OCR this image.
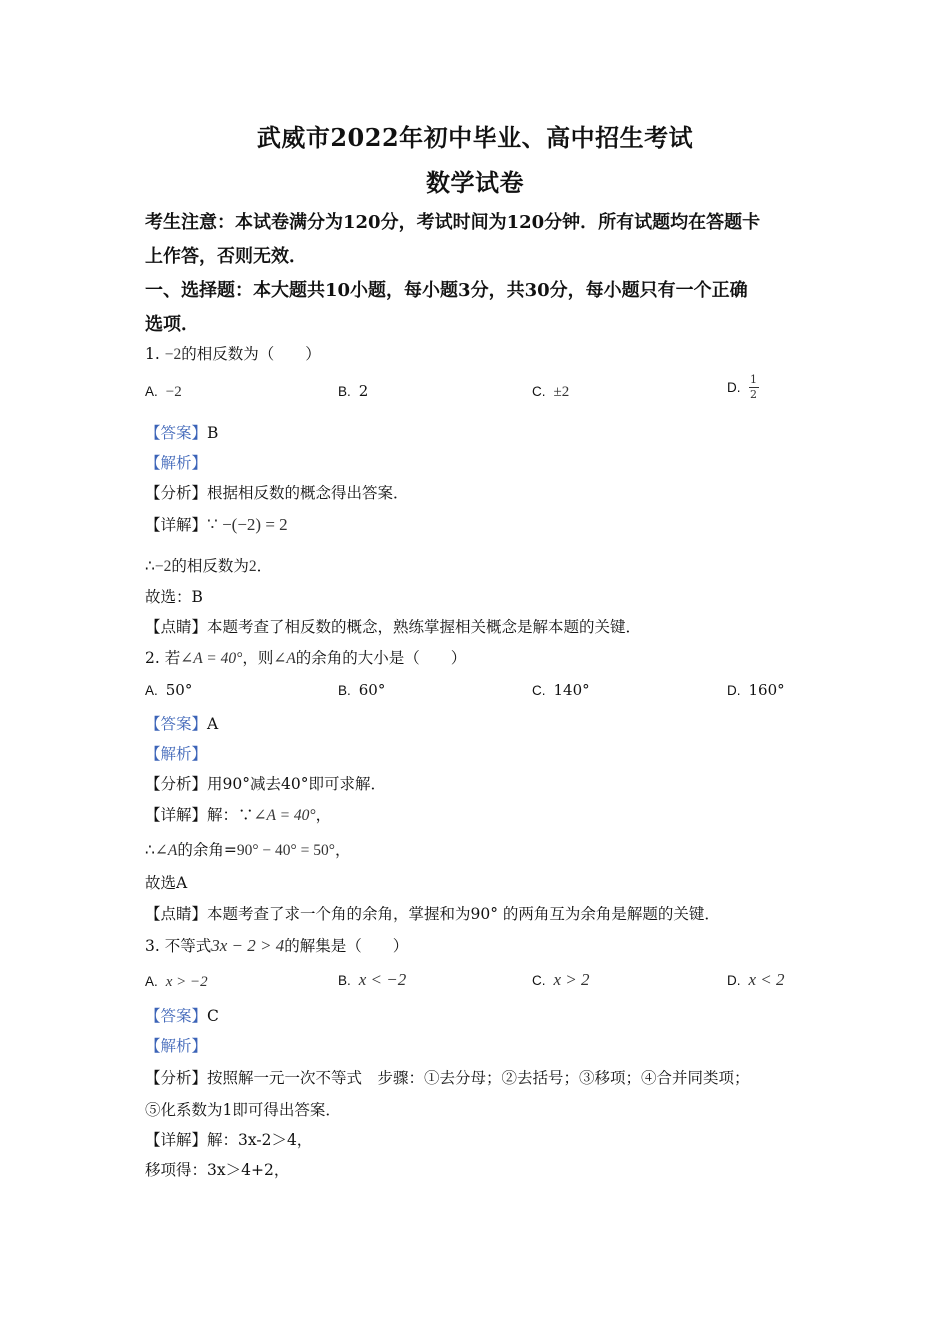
武威市2022年初中毕业、高中招生考试
数学试卷
考生注意：本试卷满分为120分，考试时间为120分钟．所有试题均在答题卡
上作答，否则无效．
一、选择题：本大题共10小题，每小题3分，共30分，每小题只有一个正确
选项．
1. −2的相反数为（　　）
A. −2	B. 2	C. ±2	D. $\frac{1}{2}$
【答案】B
【解析】
【分析】根据相反数的概念得出答案．
【详解】∵ −(−2) = 2
∴−2的相反数为2．
故选：B
【点睛】本题考查了相反数的概念，熟练掌握相关概念是解本题的关键．
2. 若∠A = 40°，则∠A的余角的大小是（　　）
A. 50°	B. 60°	C. 140°	D. 160°
【答案】A
【解析】
【分析】用90°减去40°即可求解．
【详解】解：∵∠A = 40°，
∴∠A的余角=90° − 40° = 50°，
故选A
【点睛】本题考查了求一个角的余角，掌握和为90° 的两角互为余角是解题的关键．
3. 不等式3x − 2 > 4的解集是（　　）
A. x > −2	B. x < −2	C. x > 2	D. x < 2
【答案】C
【解析】
【分析】按照解一元一次不等式　步骤：①去分母；②去括号；③移项；④合并同类项；
⑤化系数为1即可得出答案．
【详解】解：3x-2＞4，
移项得：3x＞4+2，
